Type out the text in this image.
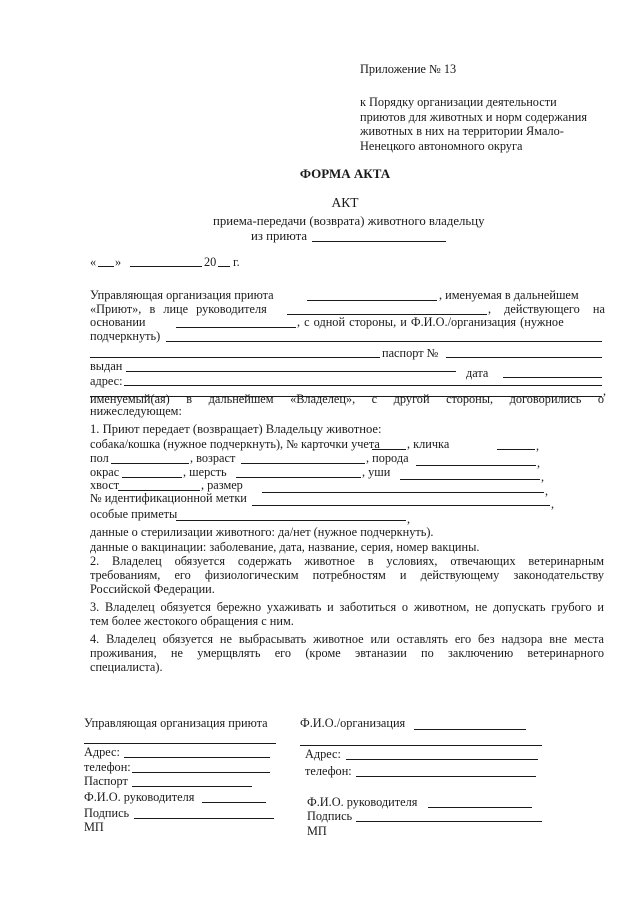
Приложение № 13
к Порядку организации деятельности
приютов для животных и норм содержания
животных в них на территории Ямало-
Ненецкого автономного округа
ФОРМА АКТА
АКТ
приема-передачи (возврата) животного владельцу
из приюта
« »	20 г.
Управляющая организация приюта	, именуемая в дальнейшем
«Приют», в лице руководителя	, действующего на
основании	, с одной стороны, и Ф.И.О./организация (нужное
подчеркнуть)
паспорт №
выдан	дата
адрес:
,
именуемый(ая) в дальнейшем «Владелец», с другой стороны, договорились о
нижеследующем:
1. Приют передает (возвращает) Владельцу животное:
собака/кошка (нужное подчеркнуть), № карточки учета , кличка	,
пол	, возраст	, порода	,
окрас	, шерсть	, уши	,
хвост	, размер	,
№ идентификационной метки	,
особые приметы	,
данные о стерилизации животного: да/нет (нужное подчеркнуть).
данные о вакцинации: заболевание, дата, название, серия, номер вакцины.
2. Владелец обязуется содержать животное в условиях, отвечающих ветеринарным
требованиям, его физиологическим потребностям и действующему законодательству
Российской Федерации.
3. Владелец обязуется бережно ухаживать и заботиться о животном, не допускать грубого и
тем более жестокого обращения с ним.
4. Владелец обязуется не выбрасывать животное или оставлять его без надзора вне места
проживания, не умерщвлять его (кроме эвтаназии по заключению ветеринарного
специалиста).
Управляющая организация приюта
Адрес:
телефон:
Паспорт
Ф.И.О. руководителя
Подпись
МП
Ф.И.О./организация
Адрес:
телефон:
Ф.И.О. руководителя
Подпись
МП
